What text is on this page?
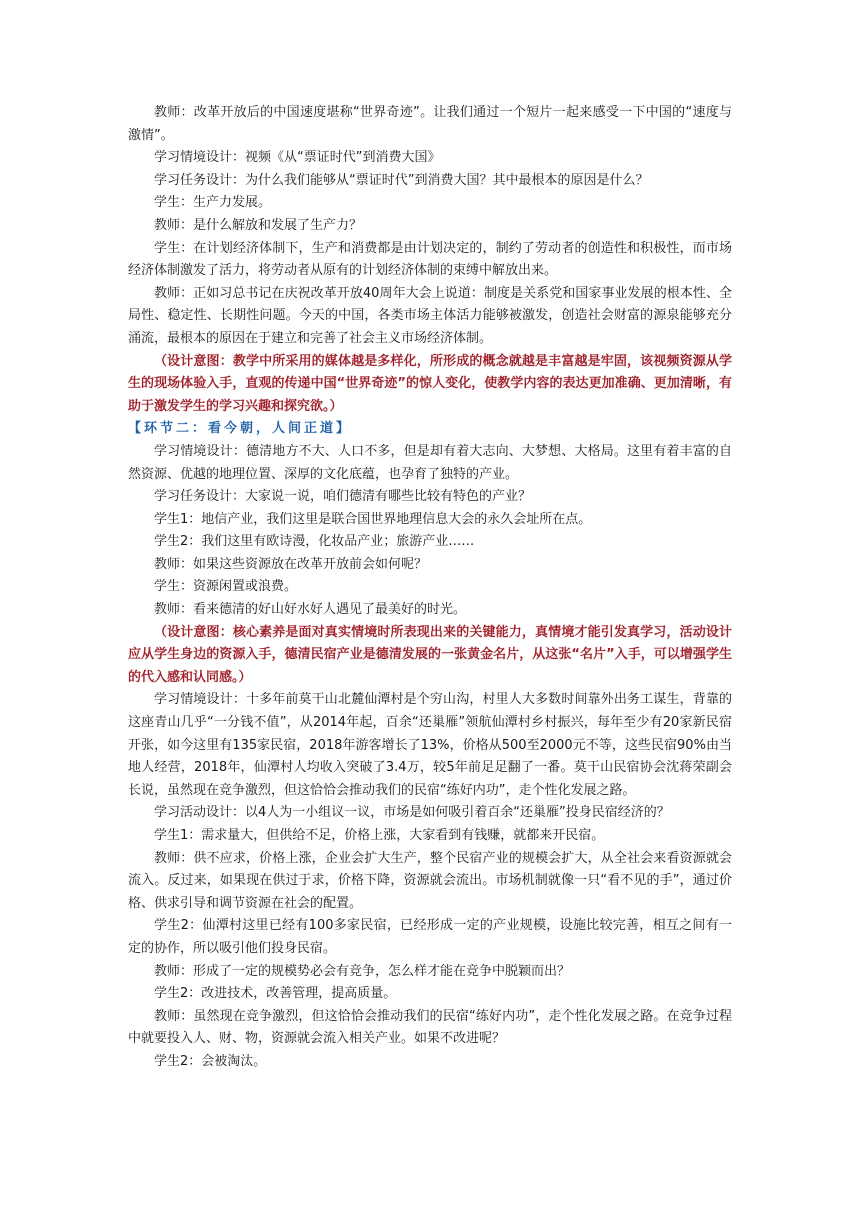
教师：改革开放后的中国速度堪称“世界奇迹”。让我们通过一个短片一起来感受一下中国的“速度与激情”。

学习情境设计：视频《从“票证时代”到消费大国》

学习任务设计：为什么我们能够从“票证时代”到消费大国？其中最根本的原因是什么？

学生：生产力发展。

教师：是什么解放和发展了生产力？

学生：在计划经济体制下，生产和消费都是由计划决定的，制约了劳动者的创造性和积极性，而市场经济体制激发了活力，将劳动者从原有的计划经济体制的束缚中解放出来。

教师：正如习总书记在庆祝改革开放40周年大会上说道：制度是关系党和国家事业发展的根本性、全局性、稳定性、长期性问题。今天的中国，各类市场主体活力能够被激发，创造社会财富的源泉能够充分涌流，最根本的原因在于建立和完善了社会主义市场经济体制。

（设计意图：教学中所采用的媒体越是多样化，所形成的概念就越是丰富越是牢固，该视频资源从学生的现场体验入手，直观的传递中国“世界奇迹”的惊人变化，使教学内容的表达更加准确、更加清晰，有助于激发学生的学习兴趣和探究欲。）

【环节二：看今朝，人间正道】

学习情境设计：德清地方不大、人口不多，但是却有着大志向、大梦想、大格局。这里有着丰富的自然资源、优越的地理位置、深厚的文化底蕴，也孕育了独特的产业。

学习任务设计：大家说一说，咱们德清有哪些比较有特色的产业？

学生1：地信产业，我们这里是联合国世界地理信息大会的永久会址所在点。

学生2：我们这里有欧诗漫，化妆品产业；旅游产业……

教师：如果这些资源放在改革开放前会如何呢？

学生：资源闲置或浪费。

教师：看来德清的好山好水好人遇见了最美好的时光。

（设计意图：核心素养是面对真实情境时所表现出来的关键能力，真情境才能引发真学习，活动设计应从学生身边的资源入手，德清民宿产业是德清发展的一张黄金名片，从这张“名片”入手，可以增强学生的代入感和认同感。）

学习情境设计：十多年前莫干山北麓仙潭村是个穷山沟，村里人大多数时间靠外出务工谋生，背靠的这座青山几乎“一分钱不值”，从2014年起，百余“还巢雁”领航仙潭村乡村振兴，每年至少有20家新民宿开张，如今这里有135家民宿，2018年游客增长了13%，价格从500至2000元不等，这些民宿90%由当地人经营，2018年，仙潭村人均收入突破了3.4万，较5年前足足翻了一番。莫干山民宿协会沈蒋荣副会长说，虽然现在竞争激烈，但这恰恰会推动我们的民宿“练好内功”，走个性化发展之路。

学习活动设计：以4人为一小组议一议，市场是如何吸引着百余“还巢雁”投身民宿经济的？

学生1：需求量大，但供给不足，价格上涨，大家看到有钱赚，就都来开民宿。

教师：供不应求，价格上涨，企业会扩大生产，整个民宿产业的规模会扩大，从全社会来看资源就会流入。反过来，如果现在供过于求，价格下降，资源就会流出。市场机制就像一只“看不见的手”，通过价格、供求引导和调节资源在社会的配置。

学生2：仙潭村这里已经有100多家民宿，已经形成一定的产业规模，设施比较完善，相互之间有一定的协作，所以吸引他们投身民宿。

教师：形成了一定的规模势必会有竞争，怎么样才能在竞争中脱颖而出？

学生2：改进技术，改善管理，提高质量。

教师：虽然现在竞争激烈，但这恰恰会推动我们的民宿“练好内功”，走个性化发展之路。在竞争过程中就要投入人、财、物，资源就会流入相关产业。如果不改进呢？

学生2：会被淘汰。
